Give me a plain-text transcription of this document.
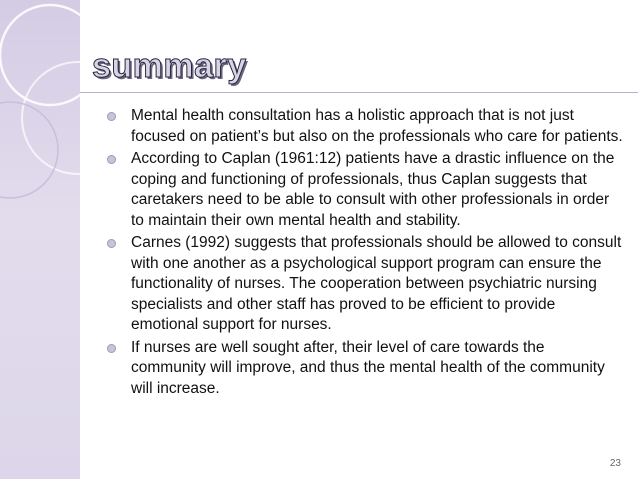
summary
Mental health consultation has a holistic approach that is not just focused on patient’s but also on the professionals who care for patients.
According to Caplan (1961:12) patients have a drastic influence on the coping and functioning of professionals, thus Caplan suggests that caretakers need to be able to consult with other professionals in order to maintain their own mental health and stability.
Carnes (1992) suggests that professionals should be allowed to consult with one another as a psychological support program can ensure the functionality of nurses. The cooperation between psychiatric nursing specialists and other staff has proved to be efficient to provide emotional support for nurses.
If nurses are well sought after, their level of care towards the community will improve, and thus the mental health of the community will increase.
23
